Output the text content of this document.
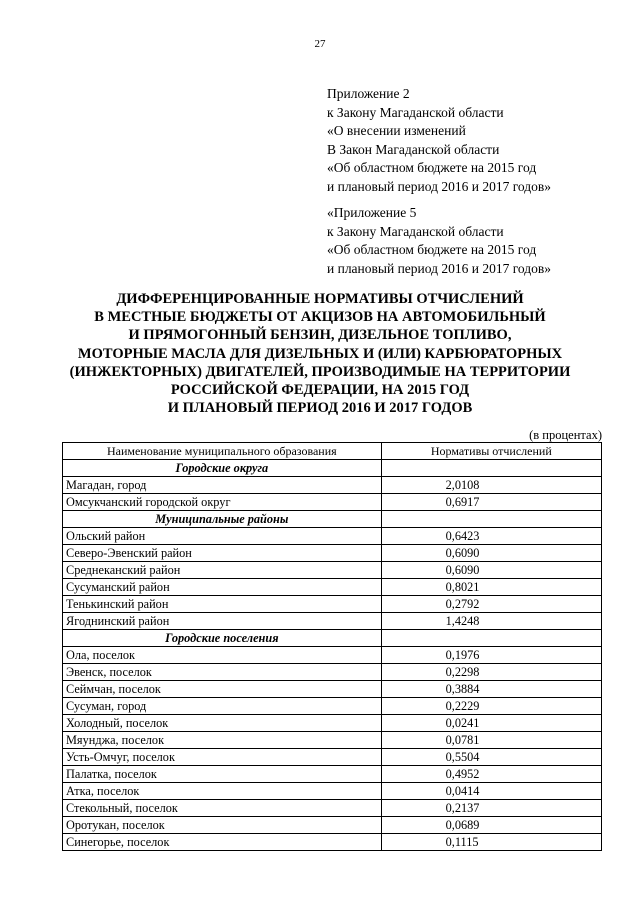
27
Приложение 2
к Закону Магаданской области
«О внесении изменений
В Закон Магаданской области
«Об областном бюджете на 2015 год
и плановый период 2016 и 2017 годов»
«Приложение 5
к Закону Магаданской области
«Об областном бюджете на 2015 год
и плановый период 2016 и 2017 годов»
ДИФФЕРЕНЦИРОВАННЫЕ НОРМАТИВЫ ОТЧИСЛЕНИЙ
В МЕСТНЫЕ БЮДЖЕТЫ ОТ АКЦИЗОВ НА АВТОМОБИЛЬНЫЙ
И ПРЯМОГОННЫЙ БЕНЗИН, ДИЗЕЛЬНОЕ ТОПЛИВО,
МОТОРНЫЕ МАСЛА ДЛЯ ДИЗЕЛЬНЫХ И (ИЛИ) КАРБЮРАТОРНЫХ
(ИНЖЕКТОРНЫХ) ДВИГАТЕЛЕЙ, ПРОИЗВОДИМЫЕ НА ТЕРРИТОРИИ
РОССИЙСКОЙ ФЕДЕРАЦИИ, НА 2015 ГОД
И ПЛАНОВЫЙ ПЕРИОД 2016 И 2017 ГОДОВ
(в процентах)
Наименование муниципального образования	Нормативы отчислений
Городские округа	
Магадан, город	2,0108
Омсукчанский городской округ	0,6917
Муниципальные районы	
Ольский район	0,6423
Северо-Эвенский район	0,6090
Среднеканский район	0,6090
Сусуманский район	0,8021
Тенькинский район	0,2792
Ягоднинский район	1,4248
Городские поселения	
Ола, поселок	0,1976
Эвенск, поселок	0,2298
Сеймчан, поселок	0,3884
Сусуман, город	0,2229
Холодный, поселок	0,0241
Мяунджа, поселок	0,0781
Усть-Омчуг, поселок	0,5504
Палатка, поселок	0,4952
Атка, поселок	0,0414
Стекольный, поселок	0,2137
Оротукан, поселок	0,0689
Синегорье, поселок	0,1115
